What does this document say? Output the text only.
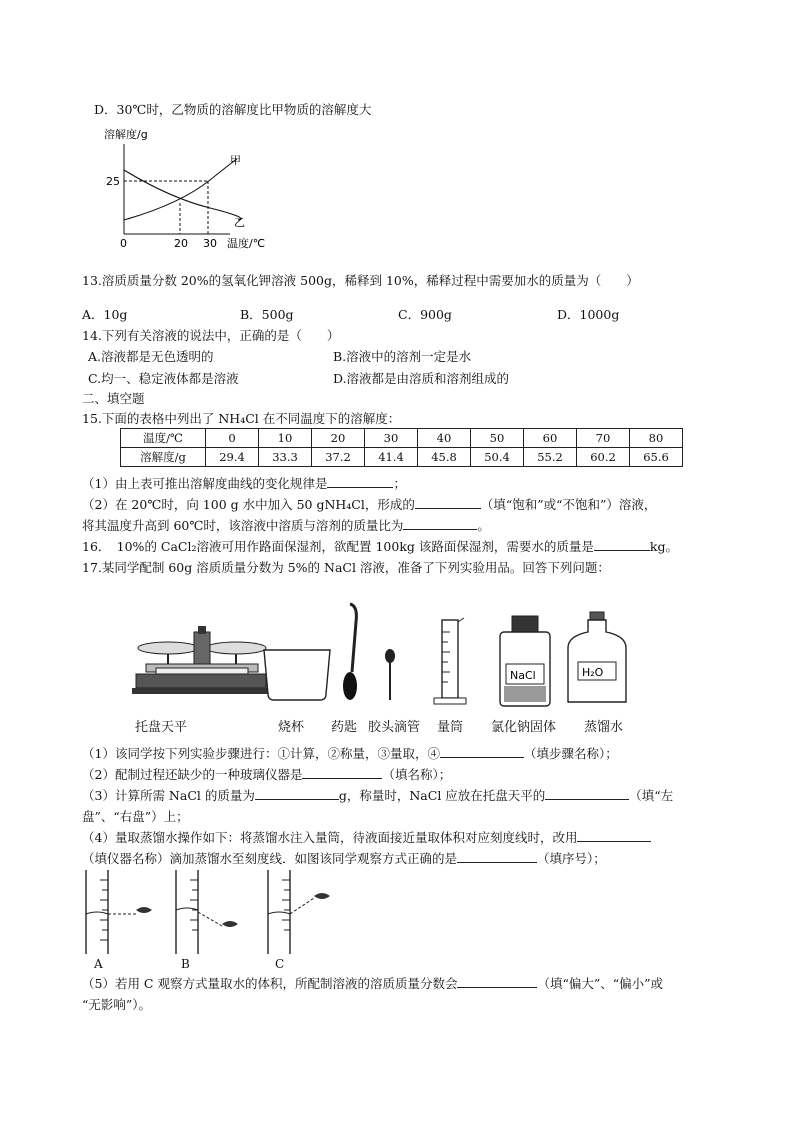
D．30℃时，乙物质的溶解度比甲物质的溶解度大
溶解度/g
25
0	20 30 温度/℃
甲
乙
13.溶质质量分数 20%的氢氧化钾溶液 500g，稀释到 10%，稀释过程中需要加水的质量为（　　）
A．10g	B．500g	C．900g	D．1000g
14.下列有关溶液的说法中，正确的是（　　）
A.溶液都是无色透明的	B.溶液中的溶剂一定是水
C.均一、稳定液体都是溶液	D.溶液都是由溶质和溶剂组成的
二、填空题
15.下面的表格中列出了 NH₄Cl 在不同温度下的溶解度：
温度/℃	0	10	20	30	40	50	60	70	80
溶解度/g	29.4	33.3	37.2	41.4	45.8	50.4	55.2	60.2	65.6
（1）由上表可推出溶解度曲线的变化规律是	；
（2）在 20℃时，向 100 g 水中加入 50 gNH₄Cl，形成的	（填“饱和”或“不饱和”）溶液，
将其温度升高到 60℃时，该溶液中溶质与溶剂的质量比为	。
16．　10%的 CaCl₂溶液可用作路面保湿剂，欲配置 100kg 该路面保湿剂，需要水的质量是	kg。
17.某同学配制 60g 溶质质量分数为 5%的 NaCl 溶液，准备了下列实验用品。回答下列问题：
NaCl	H₂O
托盘天平	烧杯 药匙 胶头滴管 量筒 氯化钠固体 蒸馏水
（1）该同学按下列实验步骤进行：①计算，②称量，③量取，④	（填步骤名称）；
（2）配制过程还缺少的一种玻璃仪器是	（填名称）；
（3）计算所需 NaCl 的质量为	g，称量时，NaCl 应放在托盘天平的	（填“左
盘”、“右盘”）上；
（4）量取蒸馏水操作如下：将蒸馏水注入量筒，待液面接近量取体积对应刻度线时，改用
（填仪器名称）滴加蒸馏水至刻度线．如图该同学观察方式正确的是	（填序号）；
A	B	C
（5）若用 C 观察方式量取水的体积，所配制溶液的溶质质量分数会	（填“偏大”、“偏小”或
“无影响”）。
